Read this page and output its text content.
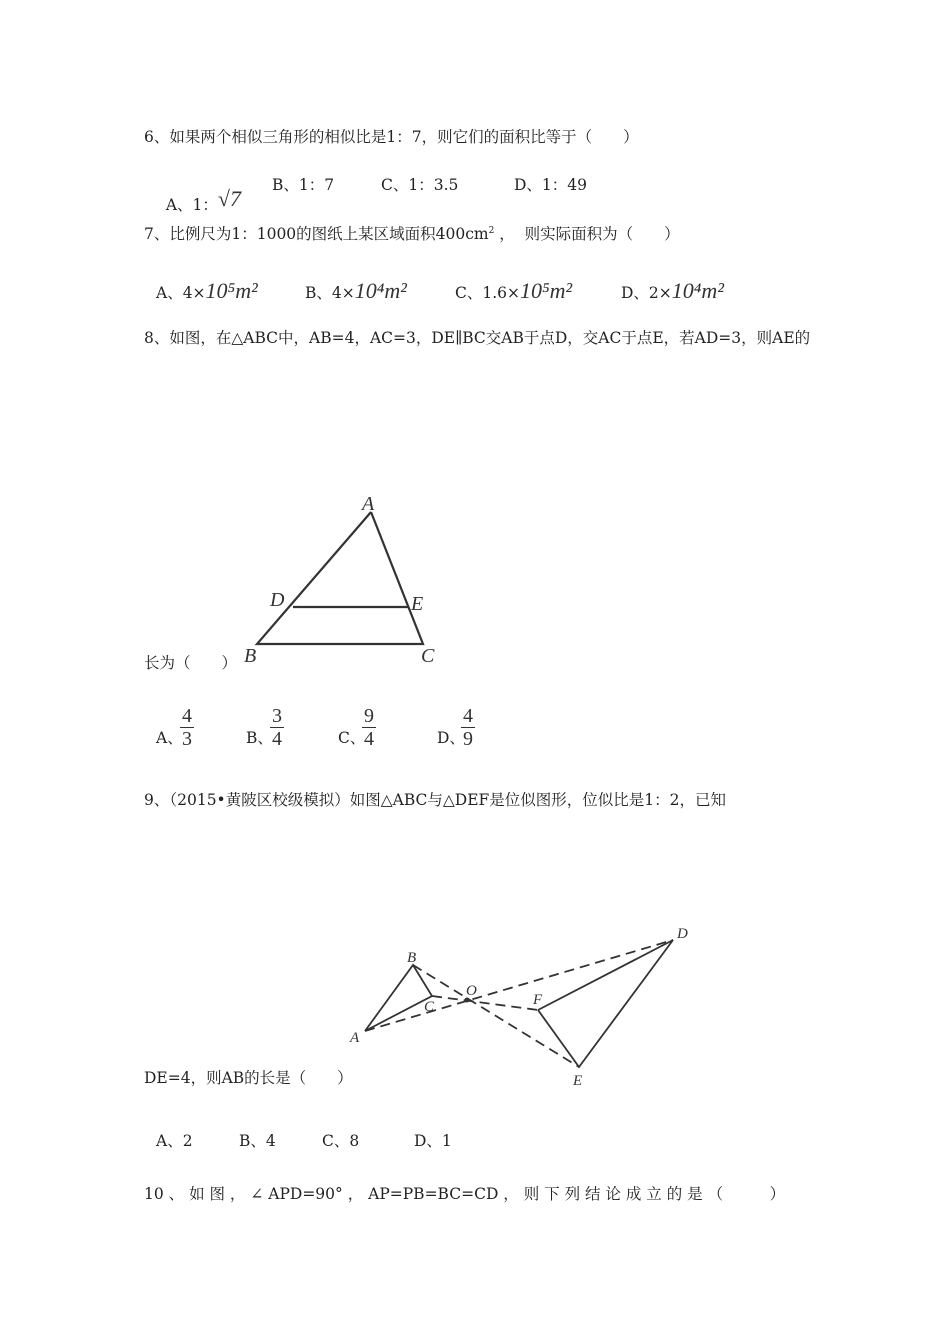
6、如果两个相似三角形的相似比是1：7，则它们的面积比等于（　　）

A、1：√7

B、1：7	C、1：3.5	D、1：49
7、比例尺为1：1000的图纸上某区域面积$400cm^2$ ，  则实际面积为（　　）
A、4×10⁵m²	B、4×10⁴m²	C、1.6×10⁵m²	D、2×10⁴m²
8、如图，在△ABC中，AB=4，AC=3，DE∥BC交AB于点D，交AC于点E，若AD=3，则AE的
A
B	C
D	E
长为（　　）
A、
4
3	B、
3
4	C、
9
4	D、
4
9
9、（2015•黄陂区校级模拟）如图△ABC与△DEF是位似图形，位似比是1：2，已知
A
B
C
D
E
F
O
DE=4，则AB的长是（　　）
A、2	B、4	C、8	D、1
10 、 如 图 ， ∠ APD=90° ， AP=PB=BC=CD ， 则 下 列 结 论 成 立 的 是 （　　　）
